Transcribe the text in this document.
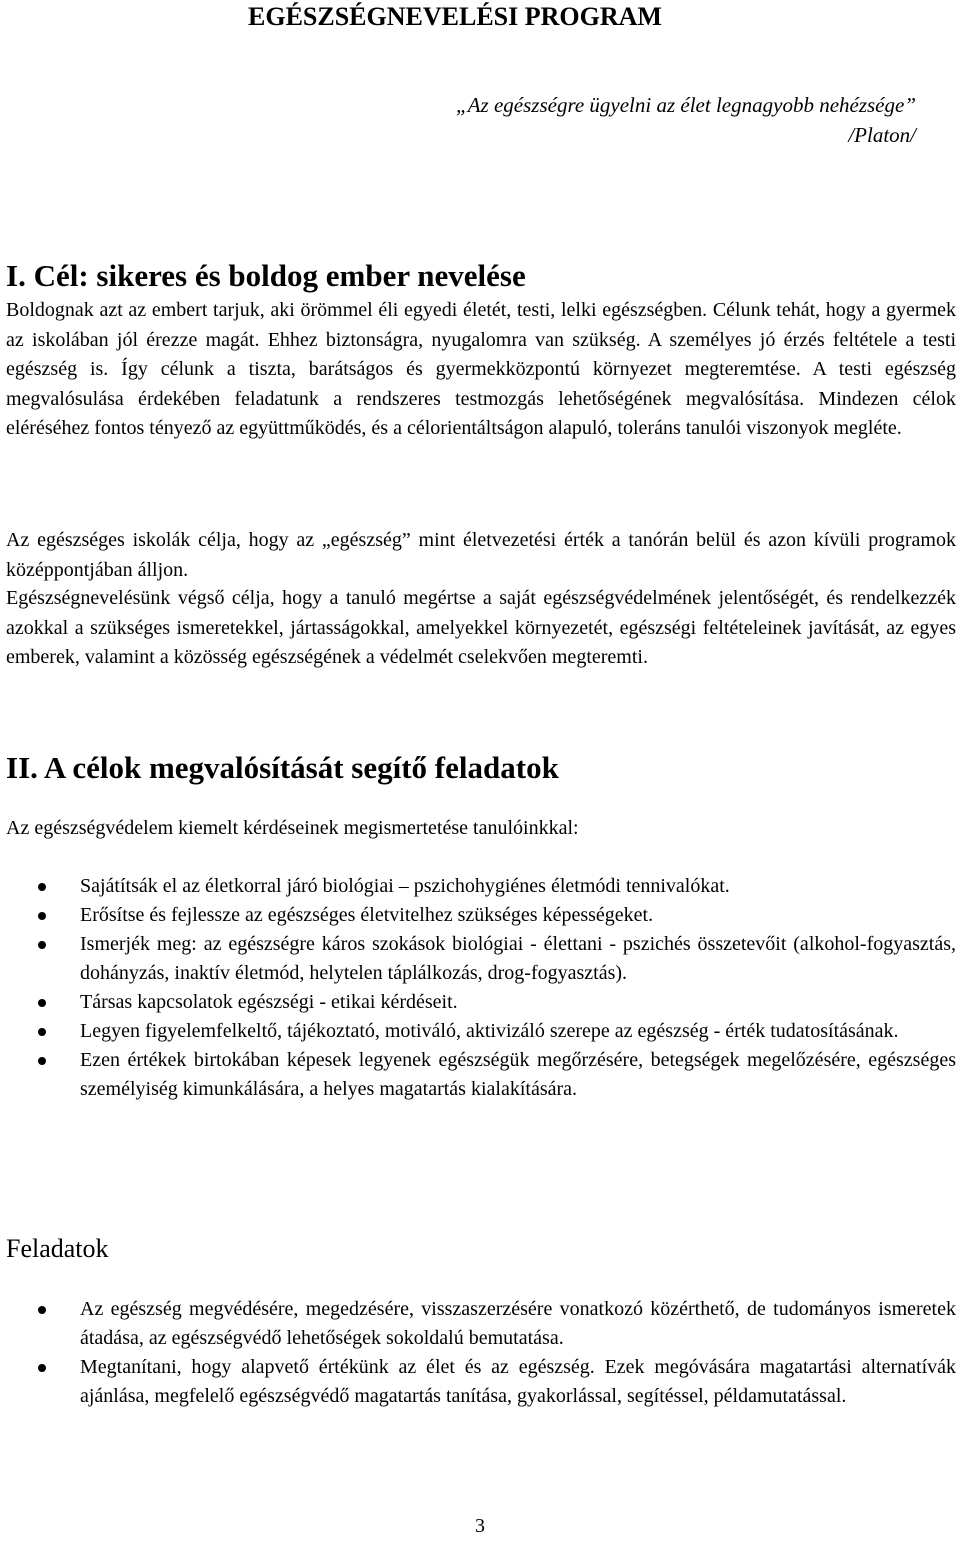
EGÉSZSÉGNEVELÉSI PROGRAM
„Az egészségre ügyelni az élet legnagyobb nehézsége”
/Platon/
I. Cél: sikeres és boldog ember nevelése

Boldognak azt az embert tarjuk, aki örömmel éli egyedi életét, testi, lelki egészségben. Célunk tehát, hogy a gyermek az iskolában jól érezze magát. Ehhez biztonságra, nyugalomra van szükség. A személyes jó érzés feltétele a testi egészség is. Így célunk a tiszta, barátságos és gyermekközpontú környezet megteremtése. A testi egészség megvalósulása érdekében feladatunk a rendszeres testmozgás lehetőségének megvalósítása. Mindezen célok eléréséhez fontos tényező az együttműködés, és a célorientáltságon alapuló, toleráns tanulói viszonyok megléte.

Az egészséges iskolák célja, hogy az „egészség” mint életvezetési érték a tanórán belül és azon kívüli programok középpontjában álljon.

Egészségnevelésünk végső célja, hogy a tanuló megértse a saját egészségvédelmének jelentőségét, és rendelkezzék azokkal a szükséges ismeretekkel, jártasságokkal, amelyekkel környezetét, egészségi feltételeinek javítását, az egyes emberek, valamint a közösség egészségének a védelmét cselekvően megteremti.

II. A célok megvalósítását segítő feladatok
Az egészségvédelem kiemelt kérdéseinek megismertetése tanulóinkkal:
Sajátítsák el az életkorral járó biológiai – pszichohygiénes életmódi tennivalókat.
Erősítse és fejlessze az egészséges életvitelhez szükséges képességeket.
Ismerjék meg: az egészségre káros szokások biológiai - élettani - pszichés összetevőit (alkohol-fogyasztás, dohányzás, inaktív életmód, helytelen táplálkozás, drog-fogyasztás).
Társas kapcsolatok egészségi - etikai kérdéseit.
Legyen figyelemfelkeltő, tájékoztató, motiváló, aktivizáló szerepe az egészség - érték tudatosításának.
Ezen értékek birtokában képesek legyenek egészségük megőrzésére, betegségek megelőzésére, egészséges személyiség kimunkálására, a helyes magatartás kialakítására.
Feladatok
Az egészség megvédésére, megedzésére, visszaszerzésére vonatkozó közérthető, de tudományos ismeretek átadása, az egészségvédő lehetőségek sokoldalú bemutatása.
Megtanítani, hogy alapvető értékünk az élet és az egészség. Ezek megóvására magatartási alternatívák ajánlása, megfelelő egészségvédő magatartás tanítása, gyakorlással, segítéssel, példamutatással.
3
